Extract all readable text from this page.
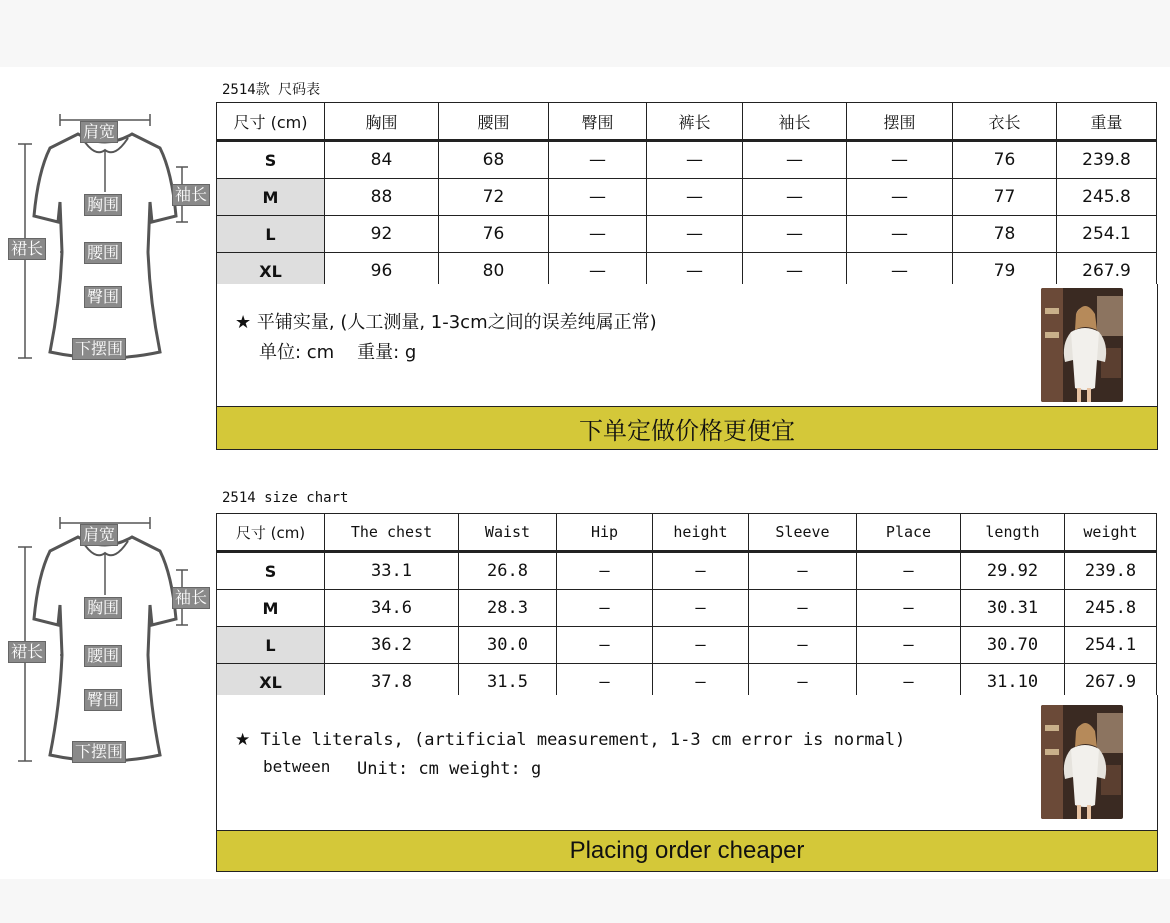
肩宽
袖长
胸围
裙长	腰围
臀围
下摆围
2514款 尺码表
尺寸 (cm)	胸围	腰围	臀围	裤长	袖长	摆围	衣长	重量
S	84	68	—	—	—	—	76	239.8
M	88	72	—	—	—	—	77	245.8
L	92	76	—	—	—	—	78	254.1
XL	96	80	—	—	—	—	79	267.9
★ 平铺实量, (人工测量, 1-3cm之间的误差纯属正常)
单位: cm    重量: g
下单定做价格更便宜
肩宽
袖长
胸围
裙长	腰围
臀围
下摆围
2514 size chart
尺寸 (cm)	The chest	Waist	Hip	height	Sleeve	Place	length	weight
S	33.1	26.8	—	—	—	—	29.92	239.8
M	34.6	28.3	—	—	—	—	30.31	245.8
L	36.2	30.0	—	—	—	—	30.70	254.1
XL	37.8	31.5	—	—	—	—	31.10	267.9
★ Tile literals, (artificial measurement, 1-3 cm error is normal)
between Unit: cm weight: g
Placing order cheaper
